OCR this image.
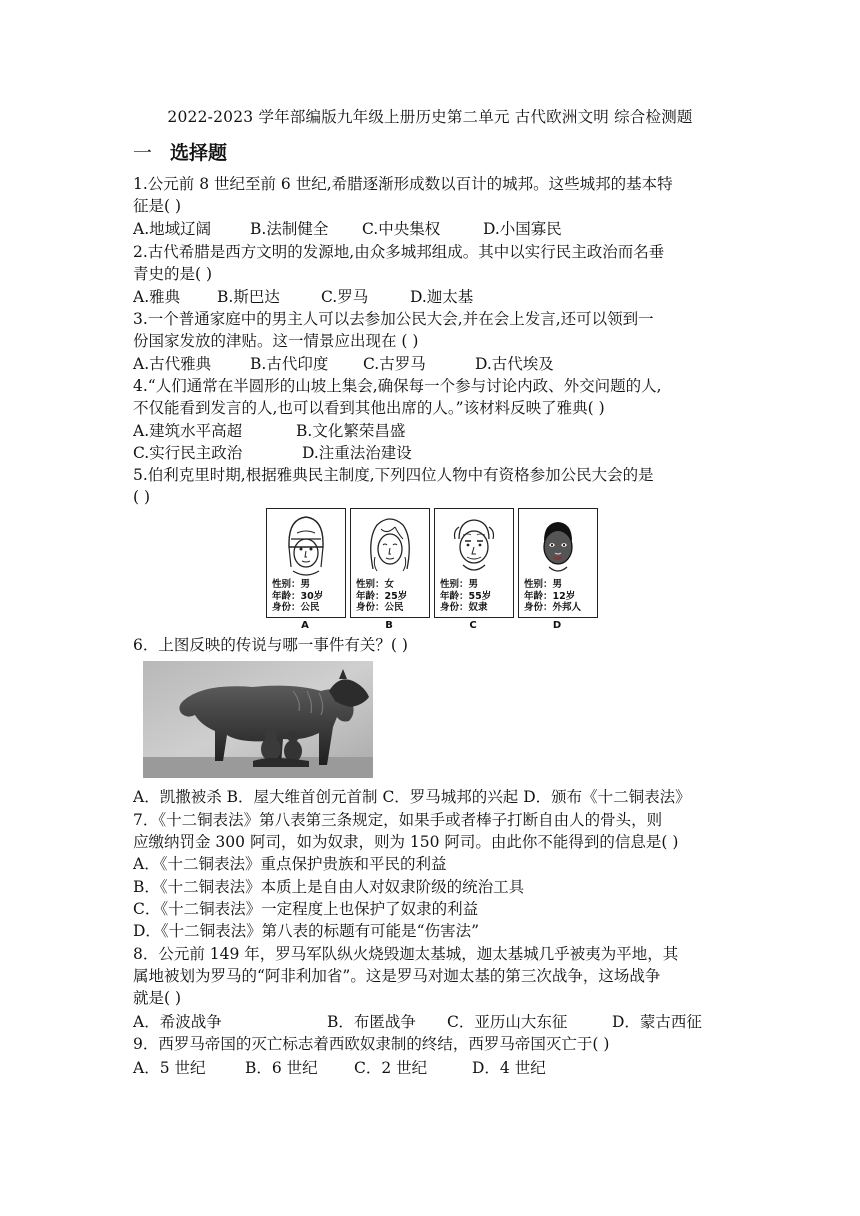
2022-2023 学年部编版九年级上册历史第二单元 古代欧洲文明 综合检测题
一 选择题
1.公元前 8 世纪至前 6 世纪,希腊逐渐形成数以百计的城邦。这些城邦的基本特
征是( )
A.地域辽阔	B.法制健全 C.中央集权	D.小国寡民
2.古代希腊是西方文明的发源地,由众多城邦组成。其中以实行民主政治而名垂
青史的是( )
A.雅典 B.斯巴达	C.罗马	D.迦太基
3.一个普通家庭中的男主人可以去参加公民大会,并在会上发言,还可以领到一
份国家发放的津贴。这一情景应出现在 ( )
A.古代雅典	B.古代印度 C.古罗马	D.古代埃及
4.“人们通常在半圆形的山坡上集会,确保每一个参与讨论内政、外交问题的人,
不仅能看到发言的人,也可以看到其他出席的人。”该材料反映了雅典( )
A.建筑水平高超	B.文化繁荣昌盛
C.实行民主政治	D.注重法治建设
5.伯利克里时期,根据雅典民主制度,下列四位人物中有资格参加公民大会的是
( )
性别：男
年龄：30岁
身份：公民
性别：女
年龄：25岁
身份：公民
性别：男
年龄：55岁
身份：奴隶
性别：男
年龄：12岁
身份：外邦人
A	B	C	D
6．上图反映的传说与哪一事件有关？( )
A．凯撒被杀 B．屋大维首创元首制 C．罗马城邦的兴起 D．颁布《十二铜表法》
7．《十二铜表法》第八表第三条规定，如果手或者棒子打断自由人的骨头，则
应缴纳罚金 300 阿司，如为奴隶，则为 150 阿司。由此你不能得到的信息是( )
A．《十二铜表法》重点保护贵族和平民的利益
B．《十二铜表法》本质上是自由人对奴隶阶级的统治工具
C．《十二铜表法》一定程度上也保护了奴隶的利益
D．《十二铜表法》第八表的标题有可能是“伤害法”
8．公元前 149 年，罗马军队纵火烧毁迦太基城，迦太基城几乎被夷为平地，其
属地被划为罗马的“阿非利加省”。这是罗马对迦太基的第三次战争，这场战争
就是( )
A．希波战争	B．布匿战争 C．亚历山大东征	D．蒙古西征
9．西罗马帝国的灭亡标志着西欧奴隶制的终结，西罗马帝国灭亡于( )
A．5 世纪	B．6 世纪 C．2 世纪	D．4 世纪
